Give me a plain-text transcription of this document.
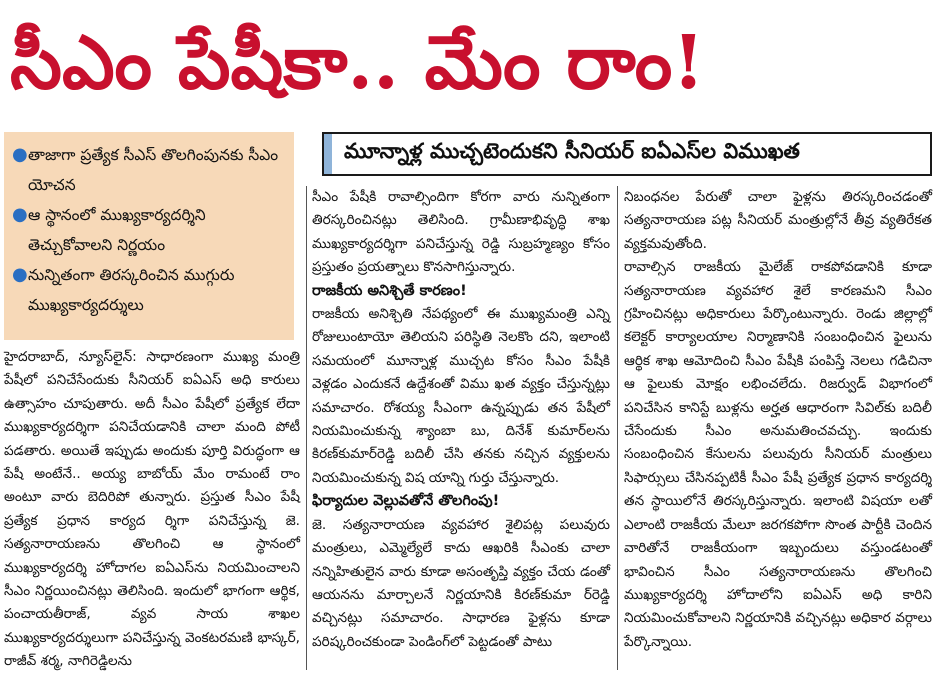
సీఎం పేషీకా.. మేం రాం!
● తాజాగా ప్రత్యేక సీఎస్ తొలగింపునకు సీఎం యోచన
● ఆ స్థానంలో ముఖ్యకార్యదర్శిని తెచ్చుకోవాలని నిర్ణయం
● నున్నితంగా తిరస్కరించిన ముగ్గురు ముఖ్యకార్యదర్శులు
మూన్నాళ్ల ముచ్చటెందుకని సీనియర్ ఐఏఎస్‌ల విముఖత

హైదరాబాద్, న్యూస్‌లైన్: సాధారణంగా ముఖ్య మంత్రి పేషీలో పనిచేసేందుకు సీనియర్ ఐఏఎస్ అధి కారులు ఉత్సాహం చూపుతారు. అదీ సీఎం పేషీలో ప్రత్యేక లేదా ముఖ్యకార్యదర్శిగా పనిచేయడానికి చాలా మంది పోటీ పడతారు. అయితే ఇప్పుడు అందుకు పూర్తి విరుద్ధంగా ఆ పేషీ అంటేనే.. అయ్య బాబోయ్ మేం రామంటే రాం అంటూ వారు బెదిరిపో తున్నారు. ప్రస్తుత సీఎం పేషీ ప్రత్యేక ప్రధాన కార్యద ర్శిగా పనిచేస్తున్న జె. సత్యనారాయణను తొలగించి ఆ స్థానంలో ముఖ్యకార్యదర్శి హోదాగల ఐఏఎస్‌ను నియమించాలని సీఎం నిర్ణయించినట్లు తెలిసింది. ఇందులో భాగంగా ఆర్థిక, పంచాయతీరాజ్, వ్యవ సాయ శాఖల ముఖ్యకార్యదర్శులుగా పనిచేస్తున్న వెంకటరమణి భాస్కర్, రాజీవ్ శర్మ, నాగిరెడ్డిలను

సీఎం పేషీకి రావాల్సిందిగా కోరగా వారు నున్నితంగా తిరస్కరించినట్లు తెలిసింది. గ్రామీణాభివృద్ధి శాఖ ముఖ్యకార్యదర్శిగా పనిచేస్తున్న రెడ్డి సుబ్రహ్మణ్యం కోసం ప్రస్తుతం ప్రయత్నాలు కొనసాగిస్తున్నారు.

రాజకీయ అనిశ్చితే కారణం!

రాజకీయ అనిశ్చితి నేపథ్యంలో ఈ ముఖ్యమంత్రి ఎన్ని రోజులుంటాయో తెలియని పరిస్థితి నెలకొం దని, ఇలాంటి సమయంలో మూన్నాళ్ల ముచ్చట కోసం సీఎం పేషీకి వెళ్లడం ఎందుకనే ఉద్దేశంతో విము ఖత వ్యక్తం చేస్తున్నట్లు సమాచారం. రోశయ్య సీఎంగా ఉన్నప్పుడు తన పేషీలో నియమించుకున్న శ్యాంబా బు, దినేశ్ కుమార్‌లను కిరణ్‌కుమార్‌రెడ్డి బదిలీ చేసి తనకు నచ్చిన వ్యక్తులను నియమించుకున్న విష యాన్ని గుర్తు చేస్తున్నారు.

ఫిర్యాదుల వెల్లువతోనే తొలగింపు!

జె. సత్యనారాయణ వ్యవహార శైలిపట్ల పలువురు మంత్రులు, ఎమ్మెల్యేలే కాదు ఆఖరికి సీఎంకు చాలా నన్నిహితులైన వారు కూడా అసంతృప్తి వ్యక్తం చేయ డంతో ఆయనను మార్చాలనే నిర్ణయానికి కిరణ్‌కుమా ర్‌రెడ్డి వచ్చినట్లు సమాచారం. సాధారణ ఫైళ్లను కూడా పరిష్కరించకుండా పెండింగ్‌లో పెట్టడంతో పాటు

నిబంధనల పేరుతో చాలా ఫైళ్లను తిరస్కరించడంతో సత్యనారాయణ పట్ల సీనియర్ మంత్రుల్లోనే తీవ్ర వ్యతిరేకత వ్యక్తమవుతోంది.

రావాల్సిన రాజకీయ మైలేజ్ రాకపోవడానికి కూడా సత్యనారాయణ వ్యవహార శైలే కారణమని సీఎం గ్రహించినట్లు అధికారులు పేర్కొంటున్నారు. రెండు జిల్లాల్లో కలెక్టర్ కార్యాలయాల నిర్మాణానికి సంబంధించిన ఫైలును ఆర్థిక శాఖ ఆమోదించి సీఎం పేషీకి పంపిస్తే నెలలు గడిచినా ఆ ఫైలుకు మోక్షం లభించలేదు. రిజర్వుడ్ విభాగంలో పనిచేసిన కానిస్టే బుళ్లను అర్హత ఆధారంగా సివిల్‌కు బదిలీ చేసేందుకు సీఎం అనుమతించవచ్చు. ఇందుకు సంబంధించిన కేసులను పలువురు సీనియర్ మంత్రులు సిఫార్సులు చేసినప్పటికీ సీఎం పేషీ ప్రత్యేక ప్రధాన కార్యదర్శి తన స్థాయిలోనే తిరస్కరిస్తున్నారు. ఇలాంటి విషయా లతో ఎలాంటి రాజకీయ మేలూ జరగకపోగా సొంత పార్టీకి చెందిన వారితోనే రాజకీయంగా ఇబ్బందులు వస్తుండటంతో భావించిన సీఎం సత్యనారాయణను తొలగించి ముఖ్యకార్యదర్శి హోదాలోని ఐఏఎస్ అధి కారిని నియమించుకోవాలని నిర్ణయానికి వచ్చినట్లు అధికార వర్గాలు పేర్కొన్నాయి.
